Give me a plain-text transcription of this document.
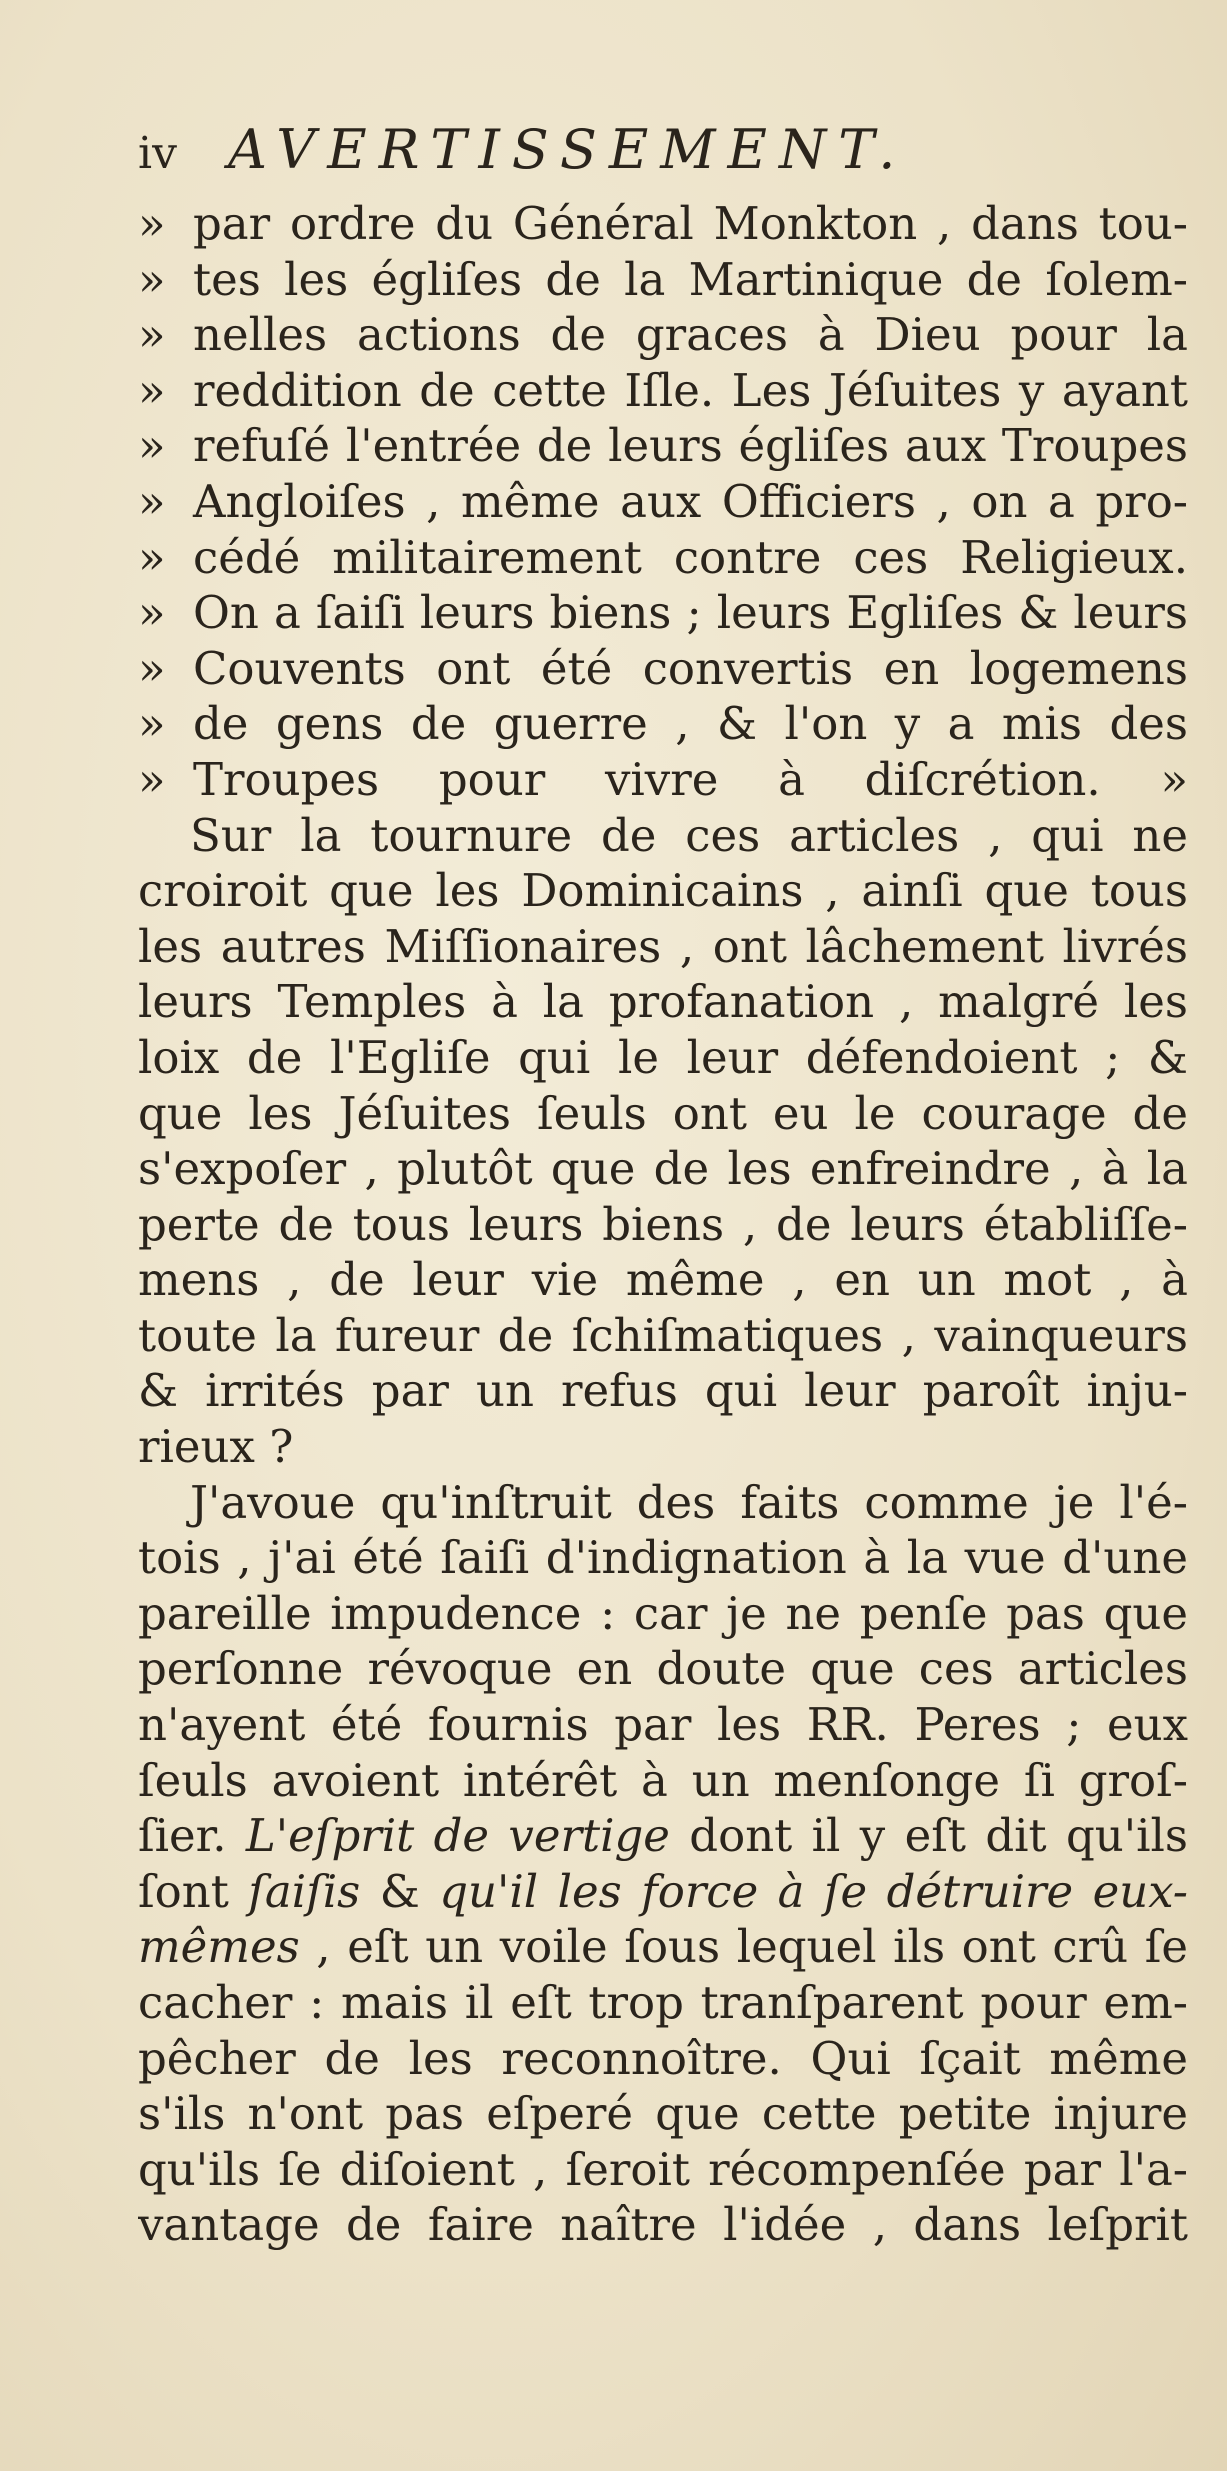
iv AVERTISSEMENT.
» par ordre du Général Monkton , dans tou-
» tes les égliſes de la Martinique de ſolem-
» nelles actions de graces à Dieu pour la
» reddition de cette Iſle. Les Jéſuites y ayant
» refuſé l'entrée de leurs égliſes aux Troupes
» Angloiſes , même aux Officiers , on a pro-
» cédé militairement contre ces Religieux.
» On a ſaiſi leurs biens ; leurs Egliſes & leurs
» Couvents ont été convertis en logemens
» de gens de guerre , & l'on y a mis des
» Troupes pour vivre à diſcrétion. »
Sur la tournure de ces articles , qui ne
croiroit que les Dominicains , ainſi que tous
les autres Miſſionaires , ont lâchement livrés
leurs Temples à la profanation , malgré les
loix de l'Egliſe qui le leur défendoient ; &
que les Jéſuites ſeuls ont eu le courage de
s'expoſer , plutôt que de les enfreindre , à la
perte de tous leurs biens , de leurs établiſſe-
mens , de leur vie même , en un mot , à
toute la fureur de ſchiſmatiques , vainqueurs
& irrités par un refus qui leur paroît inju-
rieux ?
J'avoue qu'inſtruit des faits comme je l'é-
tois , j'ai été ſaiſi d'indignation à la vue d'une
pareille impudence : car je ne penſe pas que
perſonne révoque en doute que ces articles
n'ayent été fournis par les RR. Peres ; eux
ſeuls avoient intérêt à un menſonge ſi groſ-
ſier. L'eſprit de vertige dont il y eſt dit qu'ils
ſont ſaiſis & qu'il les force à ſe détruire eux-
mêmes , eſt un voile ſous lequel ils ont crû ſe
cacher : mais il eſt trop tranſparent pour em-
pêcher de les reconnoître. Qui ſçait même
s'ils n'ont pas eſperé que cette petite injure
qu'ils ſe diſoient , ſeroit récompenſée par l'a-
vantage de faire naître l'idée , dans leſprit
